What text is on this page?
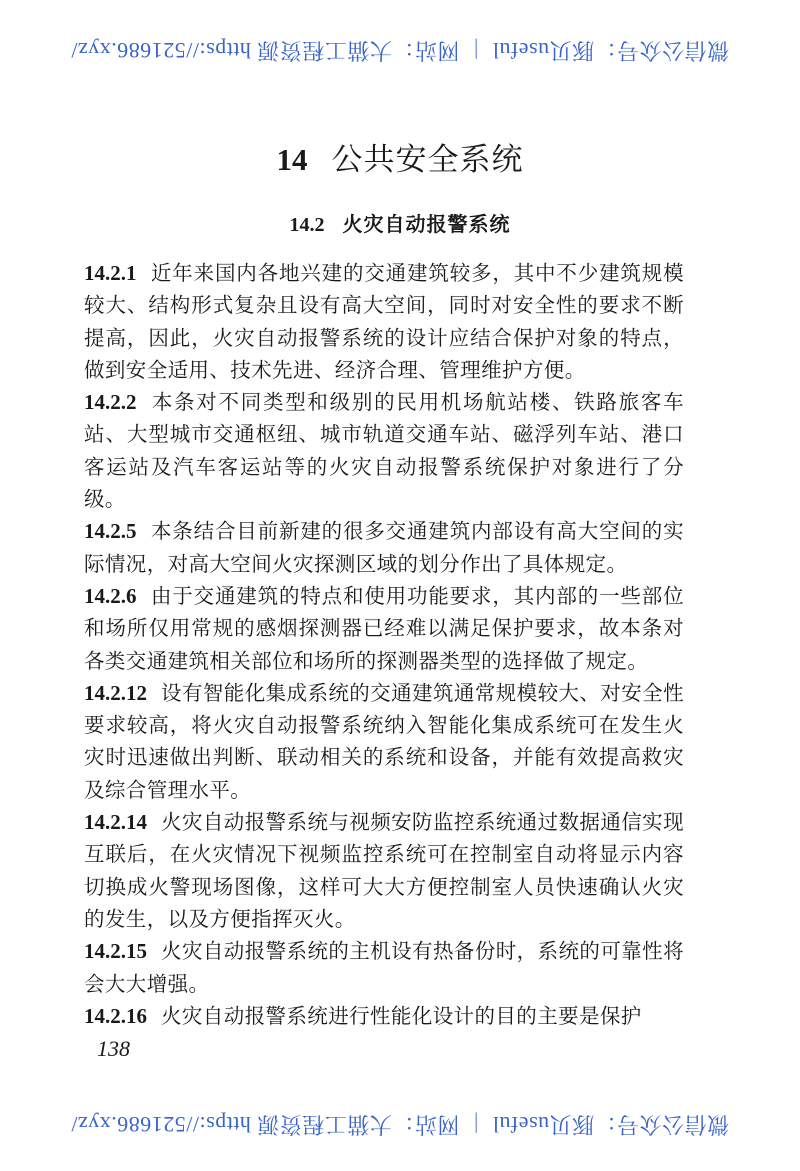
微信公众号：豚贝useful|网站：大猫工程资源 https://521686.xyz/
14 公共安全系统
14.2 火灾自动报警系统

14.2.1 近年来国内各地兴建的交通建筑较多，其中不少建筑规模较大、结构形式复杂且设有高大空间，同时对安全性的要求不断提高，因此，火灾自动报警系统的设计应结合保护对象的特点，做到安全适用、技术先进、经济合理、管理维护方便。

14.2.2 本条对不同类型和级别的民用机场航站楼、铁路旅客车站、大型城市交通枢纽、城市轨道交通车站、磁浮列车站、港口客运站及汽车客运站等的火灾自动报警系统保护对象进行了分级。

14.2.5 本条结合目前新建的很多交通建筑内部设有高大空间的实际情况，对高大空间火灾探测区域的划分作出了具体规定。

14.2.6 由于交通建筑的特点和使用功能要求，其内部的一些部位和场所仅用常规的感烟探测器已经难以满足保护要求，故本条对各类交通建筑相关部位和场所的探测器类型的选择做了规定。

14.2.12 设有智能化集成系统的交通建筑通常规模较大、对安全性要求较高，将火灾自动报警系统纳入智能化集成系统可在发生火灾时迅速做出判断、联动相关的系统和设备，并能有效提高救灾及综合管理水平。

14.2.14 火灾自动报警系统与视频安防监控系统通过数据通信实现互联后，在火灾情况下视频监控系统可在控制室自动将显示内容切换成火警现场图像，这样可大大方便控制室人员快速确认火灾的发生，以及方便指挥灭火。

14.2.15 火灾自动报警系统的主机设有热备份时，系统的可靠性将会大大增强。

14.2.16 火灾自动报警系统进行性能化设计的目的主要是保护

138
微信公众号：豚贝useful|网站：大猫工程资源 https://521686.xyz/
